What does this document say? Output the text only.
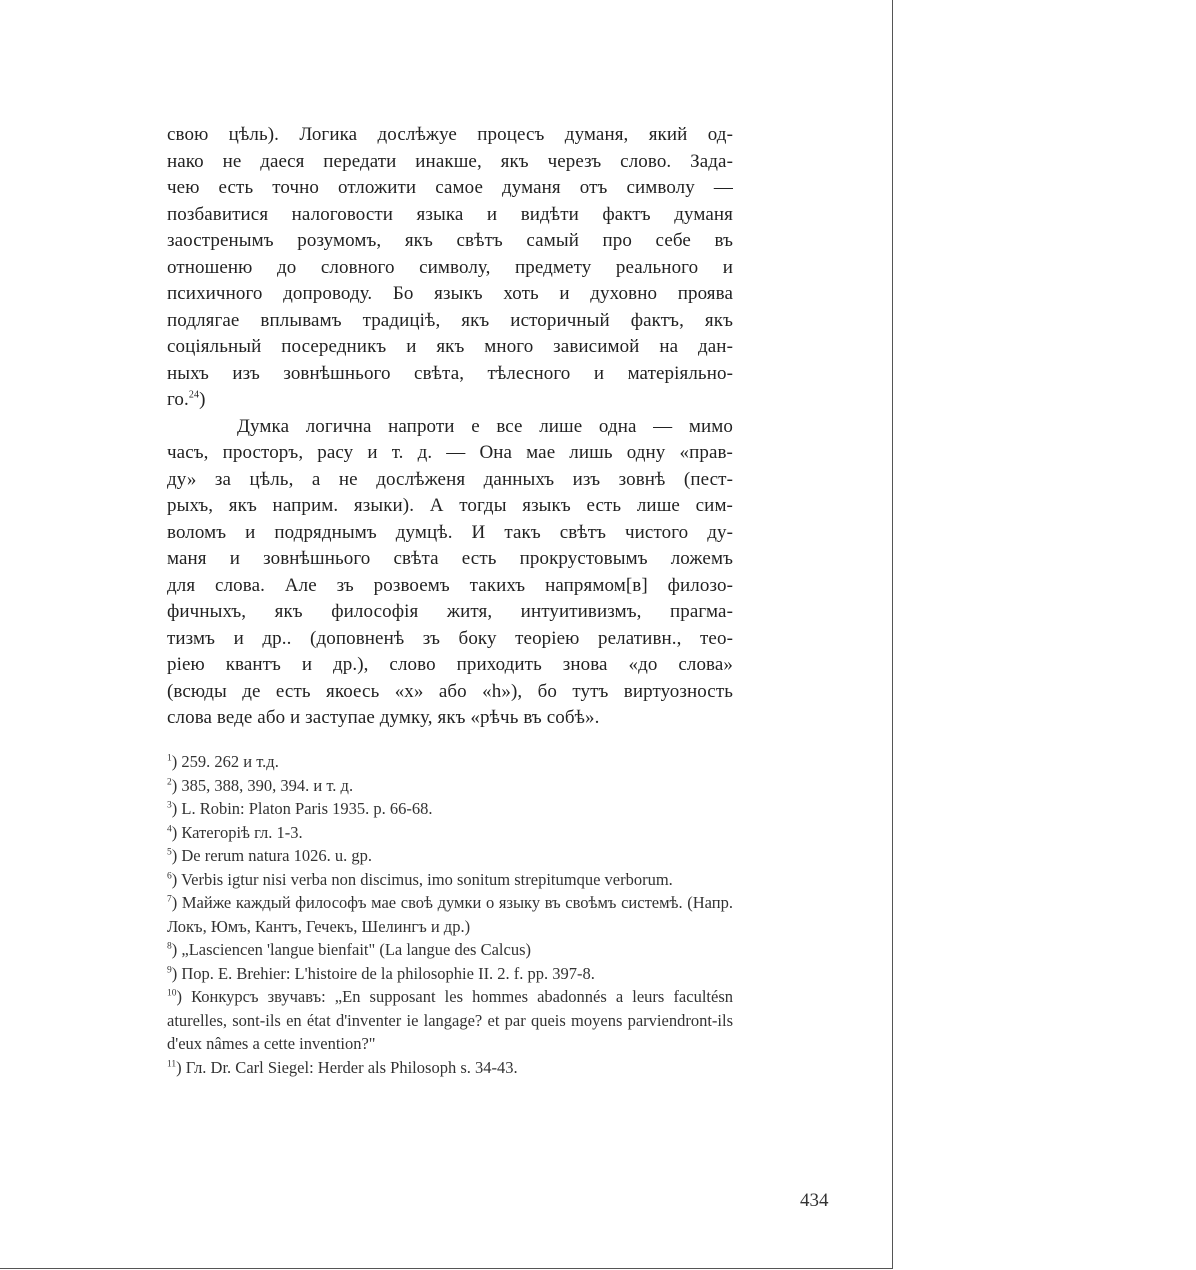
свою цѣль). Логика дослѣжуе процесъ думаня, який од-
нако не дaeся передати инакше, якъ черезъ слово. Зада-
чею есть точно отложити самое думаня отъ символу —
позбавитися налоговости языка и видѣти фактъ думаня
заостренымъ розумомъ, якъ свѣтъ самый про себе въ
отношеню до словного символу, предмету реального и
психичного допроводу. Бо языкъ хоть и духовно проява
подлягае вплывамъ традиціѣ, якъ историчный фактъ, якъ
соціяльный посередникъ и якъ много зависимой на дан-
ныхъ изъ зовнѣшнього свѣта, тѣлесного и матеріяльно-
го.$^{24}$)
Думка логична напроти е все лише одна — мимо
часъ, просторъ, расу и т. д. — Она мае лишь одну «прав-
ду» за цѣль, а не дослѣженя данныхъ изъ зовнѣ (пест-
рыхъ, якъ наприм. языки). А тогды языкъ есть лише сим-
воломъ и подряднымъ думцѣ. И такъ свѣтъ чистого ду-
маня и зовнѣшнього свѣта есть прокрустовымъ ложемъ
для слова. Але зъ розвоемъ такихъ напрямом[в] филозо-
фичныхъ, якъ философія житя, интуитивизмъ, прагма-
тизмъ и др.. (доповненѣ зъ боку теоріею релативн., тео-
ріею квантъ и др.), слово приходить знова «до слова»
(всюды де есть якоесь «х» або «h»), бо тутъ виртуозность
слова веде або и заступае думку, якъ «рѣчь въ собѣ».
$^1$) 259. 262 и т.д.
$^2$) 385, 388, 390, 394. и т. д.
$^3$) L. Robin: Platon Paris 1935. p. 66-68.
$^4$) Категоріѣ гл. 1-3.
$^5$) De rerum natura 1026. u. gp.
$^6$) Verbis igtur nisi verba non discimus, imo sonitum strepitumque verborum.
$^7$) Майже каждый философъ мае своѣ думки о языку въ своѣмъ системѣ. (Напр. Локъ, Юмъ, Кантъ, Гечекъ, Шелингъ и др.)
$^8$) „Lasciencen 'langue bienfait" (La langue des Calcus)
$^9$) Пор. E. Brehier: L'histoire de la philosophie II. 2. f. pp. 397-8.
$^{10}$) Конкурсъ звучавъ: „En supposant les hommes abadonnés a leurs facultésn aturelles, sont-ils en état d'inventer ie langage? et par queis moyens parviendront-ils d'eux nâmes a cette invention?"
$^{11}$) Гл. Dr. Carl Siegel: Herder als Philosoph s. 34-43.
434
